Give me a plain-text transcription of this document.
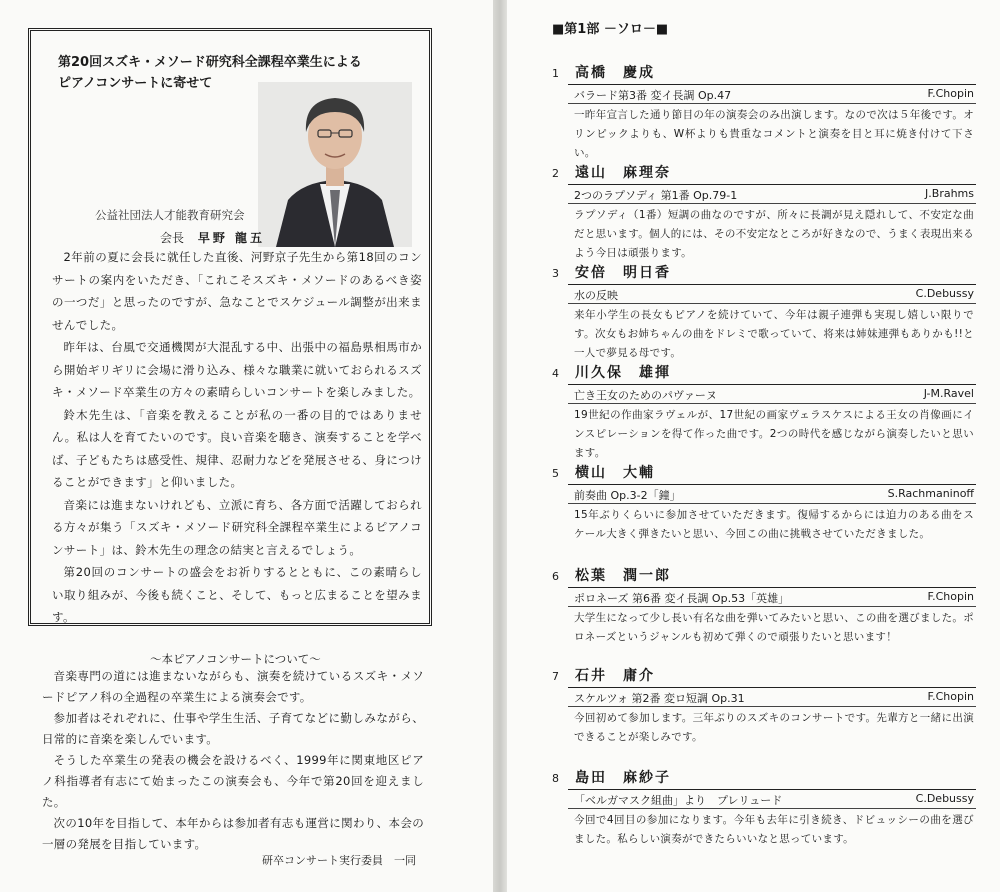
第20回スズキ・メソード研究科全課程卒業生による
ピアノコンサートに寄せて
公益社団法人才能教育研究会
会長 早野 龍五

2年前の夏に会長に就任した直後、河野京子先生から第18回のコンサートの案内をいただき、「これこそスズキ・メソードのあるべき姿の一つだ」と思ったのですが、急なことでスケジュール調整が出来ませんでした。

昨年は、台風で交通機関が大混乱する中、出張中の福島県相馬市から開始ギリギリに会場に滑り込み、様々な職業に就いておられるスズキ・メソード卒業生の方々の素晴らしいコンサートを楽しみました。

鈴木先生は、「音楽を教えることが私の一番の目的ではありません。私は人を育てたいのです。良い音楽を聴き、演奏することを学べば、子どもたちは感受性、規律、忍耐力などを発展させる、身につけることができます」と仰いました。

音楽には進まないけれども、立派に育ち、各方面で活躍しておられる方々が集う「スズキ・メソード研究科全課程卒業生によるピアノコンサート」は、鈴木先生の理念の結実と言えるでしょう。

第20回のコンサートの盛会をお祈りするとともに、この素晴らしい取り組みが、今後も続くこと、そして、もっと広まることを望みます。

～本ピアノコンサートについて～

音楽専門の道には進まないながらも、演奏を続けているスズキ・メソードピアノ科の全過程の卒業生による演奏会です。

参加者はそれぞれに、仕事や学生生活、子育てなどに勤しみながら、日常的に音楽を楽しんでいます。

そうした卒業生の発表の機会を設けるべく、1999年に関東地区ピアノ科指導者有志にて始まったこの演奏会も、今年で第20回を迎えました。

次の10年を目指して、本年からは参加者有志も運営に関わり、本会の一層の発展を目指しています。

研卒コンサート実行委員　一同
■第1部 －ソロ－■
1 高橋　慶成
バラード第3番 変イ長調 Op.47	F.Chopin
一昨年宣言した通り節目の年の演奏会のみ出演します。なので次は５年後です。オリンピックよりも、W杯よりも貴重なコメントと演奏を目と耳に焼き付けて下さい。
2 遠山　麻理奈
2つのラプソディ 第1番 Op.79-1	J.Brahms
ラプソディ（1番）短調の曲なのですが、所々に長調が見え隠れして、不安定な曲だと思います。個人的には、その不安定なところが好きなので、うまく表現出来るよう今日は頑張ります。
3 安倍　明日香
水の反映	C.Debussy
来年小学生の長女もピアノを続けていて、今年は親子連弾も実現し嬉しい限りです。次女もお姉ちゃんの曲をドレミで歌っていて、将来は姉妹連弾もありかも!!と一人で夢見る母です。
4 川久保　雄揮
亡き王女のためのパヴァーヌ	J-M.Ravel
19世紀の作曲家ラヴェルが、17世紀の画家ヴェラスケスによる王女の肖像画にインスピレーションを得て作った曲です。2つの時代を感じながら演奏したいと思います。
5 横山　大輔
前奏曲 Op.3-2「鐘」	S.Rachmaninoff
15年ぶりくらいに参加させていただきます。復帰するからには迫力のある曲をスケール大きく弾きたいと思い、今回この曲に挑戦させていただきました。
6 松葉　潤一郎
ポロネーズ 第6番 変イ長調 Op.53「英雄」	F.Chopin
大学生になって少し長い有名な曲を弾いてみたいと思い、この曲を選びました。ポロネーズというジャンルも初めて弾くので頑張りたいと思います！
7 石井　庸介
スケルツォ 第2番 変ロ短調 Op.31	F.Chopin
今回初めて参加します。三年ぶりのスズキのコンサートです。先輩方と一緒に出演できることが楽しみです。
8 島田　麻紗子
「ベルガマスク組曲」より　プレリュード	C.Debussy
今回で4回目の参加になります。今年も去年に引き続き、ドビュッシーの曲を選びました。私らしい演奏ができたらいいなと思っています。
